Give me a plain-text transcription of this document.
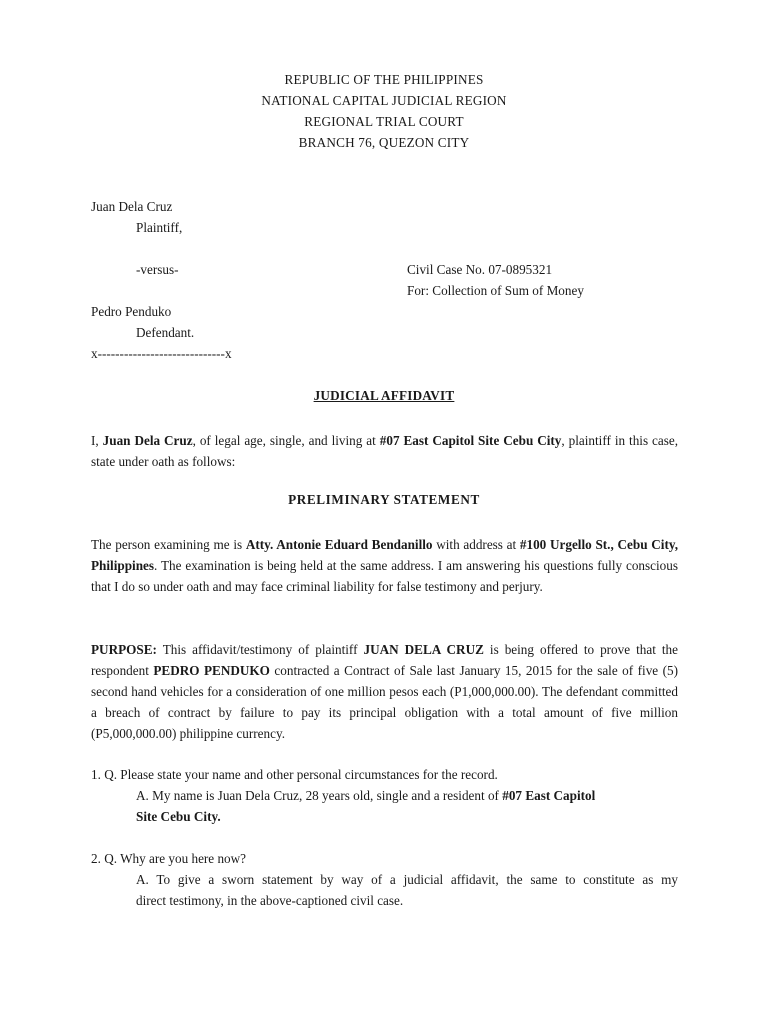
REPUBLIC OF THE PHILIPPINES
NATIONAL CAPITAL JUDICIAL REGION
REGIONAL TRIAL COURT
BRANCH 76, QUEZON CITY
Juan Dela Cruz
Plaintiff,
-versus-	Civil Case No. 07-0895321
For: Collection of Sum of Money
Pedro Penduko
Defendant.
x-----------------------------x
JUDICIAL AFFIDAVIT
I, Juan Dela Cruz, of legal age, single, and living at #07 East Capitol Site Cebu City, plaintiff in this case, state under oath as follows:
PRELIMINARY STATEMENT
The person examining me is Atty. Antonie Eduard Bendanillo with address at #100 Urgello St., Cebu City, Philippines. The examination is being held at the same address. I am answering his questions fully conscious that I do so under oath and may face criminal liability for false testimony and perjury.
PURPOSE: This affidavit/testimony of plaintiff JUAN DELA CRUZ is being offered to prove that the respondent PEDRO PENDUKO contracted a Contract of Sale last January 15, 2015 for the sale of five (5) second hand vehicles for a consideration of one million pesos each (P1,000,000.00). The defendant committed a breach of contract by failure to pay its principal obligation with a total amount of five million (P5,000,000.00) philippine currency.
1. Q. Please state your name and other personal circumstances for the record.
A. My name is Juan Dela Cruz, 28 years old, single and a resident of #07 East Capitol
Site Cebu City.
2. Q. Why are you here now?
A. To give a sworn statement by way of a judicial affidavit, the same to constitute as my
direct testimony, in the above-captioned civil case.
